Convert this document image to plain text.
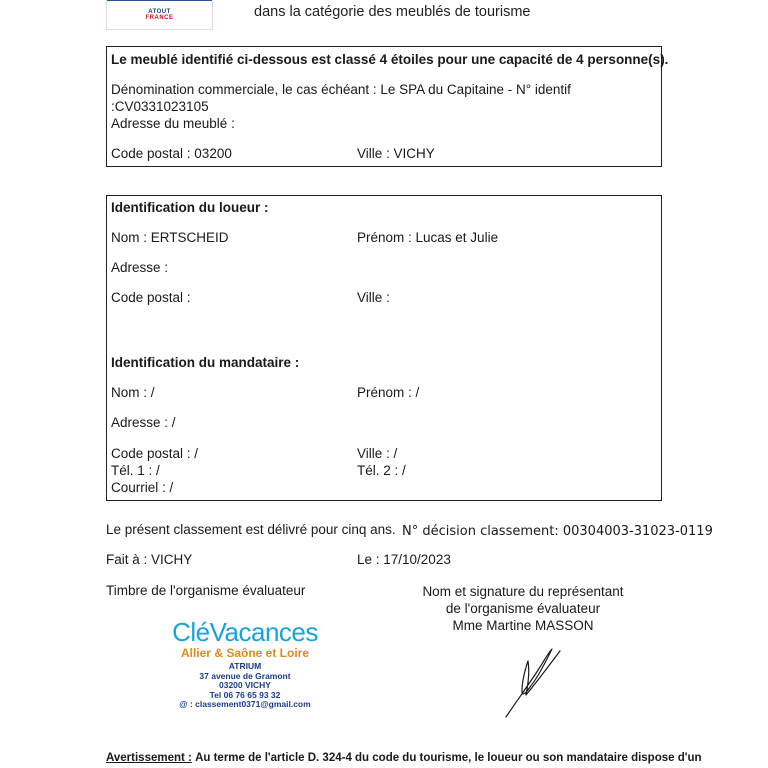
ATOUT
FRANCE	dans la catégorie des meublés de tourisme
Le meublé identifié ci-dessous est classé 4 étoiles pour une capacité de 4 personne(s).
Dénomination commerciale, le cas échéant : Le SPA du Capitaine - N° identif
:CV0331023105
Adresse du meublé :
Code postal : 03200	Ville : VICHY
Identification du loueur :
Nom : ERTSCHEID	Prénom : Lucas et Julie
Adresse :
Code postal :	Ville :
Identification du mandataire :
Nom : /	Prénom : /
Adresse : /
Code postal : /	Ville : /
Tél. 1 : /	Tél. 2 : /
Courriel : /
Le présent classement est délivré pour cinq ans. N° décision classement: 00304003-31023-0119
Fait à : VICHY	Le : 17/10/2023
Timbre de l'organisme évaluateur	Nom et signature du représentant
de l'organisme évaluateur
Mme Martine MASSON
CléVacances
Allier & Saône et Loire
ATRIUM
37 avenue de Gramont
03200 VICHY
Tel 06 76 65 93 32
@ : classement0371@gmail.com
Avertissement : Au terme de l'article D. 324-4 du code du tourisme, le loueur ou son mandataire dispose d'un
